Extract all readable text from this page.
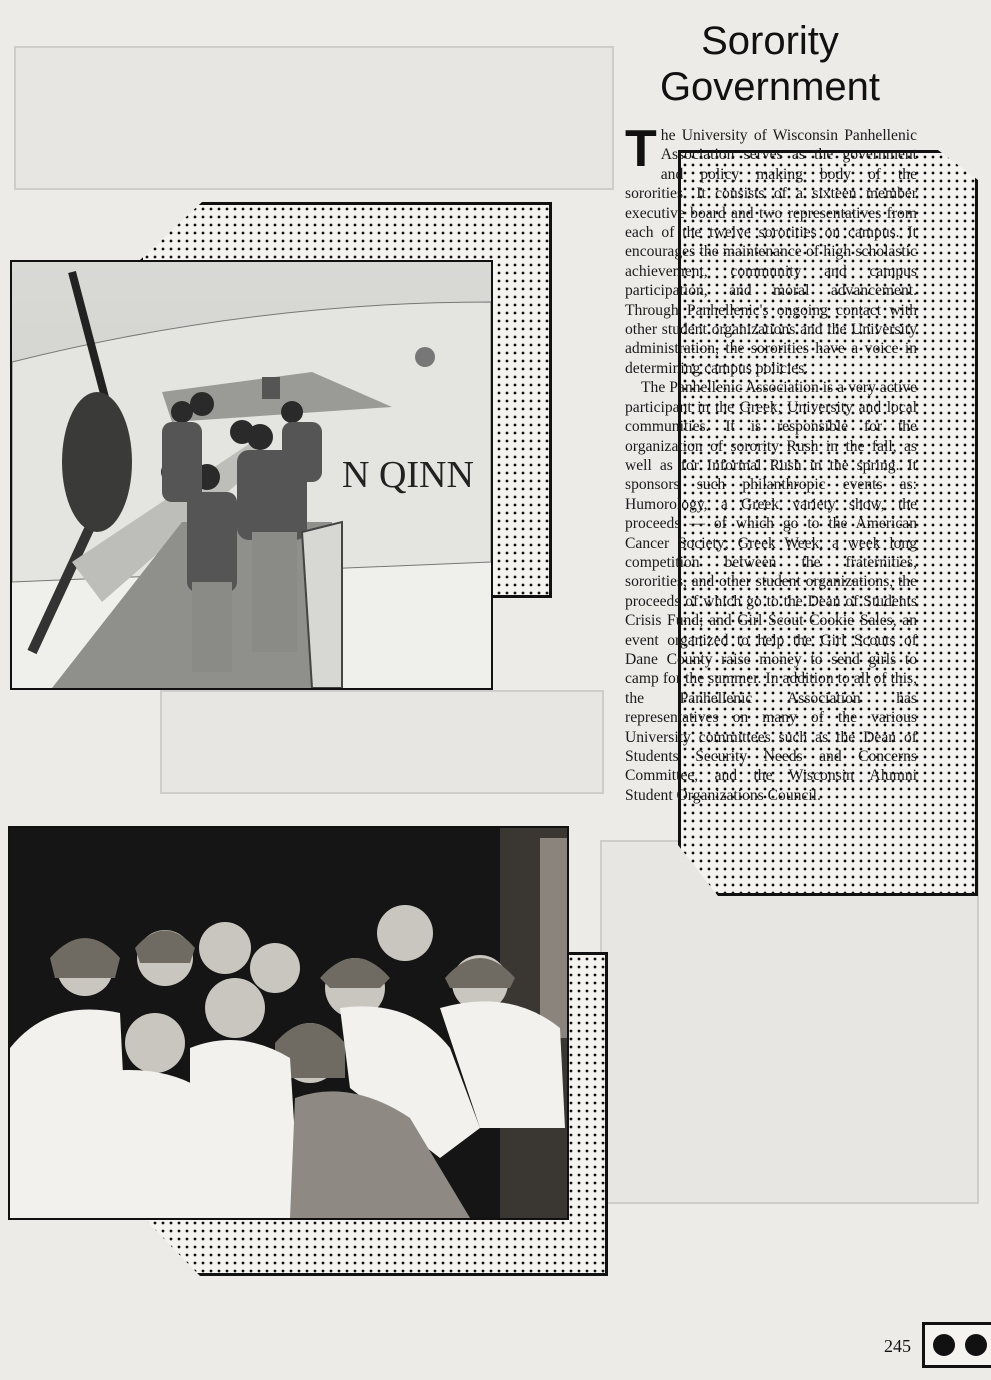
N QINN
Sorority
Government

The University of Wisconsin Panhellenic Association serves as the government and policy making body of the sororities. It consists of a sixteen member executive board and two representatives from each of the twelve sororities on campus. It encourages the maintenance of high scholastic achievement, community and campus participation, and moral advancement. Through Panhellenic's ongoing contact with other student organizations and the University administration, the sororities have a voice in determining campus policies.

The Panhellenic Association is a very active participant in the Greek, University and local communities. It is responsible for the organization of sorority Rush in the fall, as well as for Informal Rush in the spring. It sponsors such philanthropic events as: Humorology, a Greek variety show, the proceeds — of which go to the American Cancer Society; Greek Week, a week long competition between the fraternities, sororities, and other student organizations, the proceeds of which go to the Dean of Students Crisis Fund; and Girl Scout Cookie Sales, an event organized to help the Girl Scouts of Dane County raise money to send girls to camp for the summer. In addition to all of this, the Panhellenic Association has representatives on many of the various University committees such as the Dean of Students Security Needs and Concerns Committee, and the Wisconsin Alumni Student Organizations Council.

245
